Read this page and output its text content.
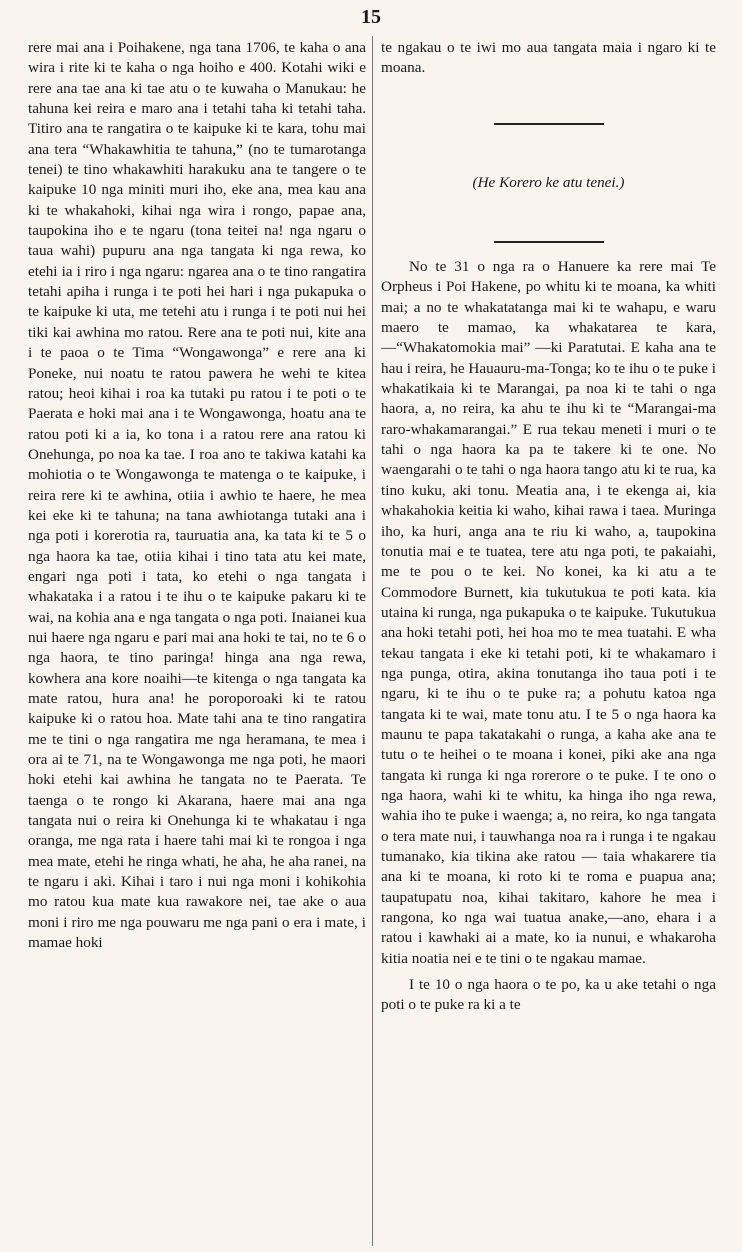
15

rere mai ana i Poihakene, nga tana 1706, te kaha o ana wira i rite ki te kaha o nga hoiho e 400. Kotahi wiki e rere ana tae ana ki tae atu o te kuwaha o Manukau: he tahuna kei reira e maro ana i tetahi taha ki tetahi taha. Titiro ana te rangatira o te kaipuke ki te kara, tohu mai ana tera “Whakawhitia te tahuna,” (no te tumarotanga tenei) te tino whakawhiti harakuku ana te tangere o te kaipuke 10 nga miniti muri iho, eke ana, mea kau ana ki te whakahoki, kihai nga wira i rongo, papae ana, taupokina iho e te ngaru (tona teitei na! nga ngaru o taua wahi) pupuru ana nga tangata ki nga rewa, ko etehi ia i riro i nga ngaru: ngarea ana o te tino rangatira tetahi apiha i runga i te poti hei hari i nga pukapuka o te kaipuke ki uta, me tetehi atu i runga i te poti nui hei tiki kai awhina mo ratou. Rere ana te poti nui, kite ana i te paoa o te Tima “Wongawonga” e rere ana ki Poneke, nui noatu te ratou pawera he wehi te kitea ratou; heoi kihai i roa ka tutaki pu ratou i te poti o te Paerata e hoki mai ana i te Wongawonga, hoatu ana te ratou poti ki a ia, ko tona i a ratou rere ana ratou ki Onehunga, po noa ka tae. I roa ano te takiwa katahi ka mohiotia o te Wongawonga te matenga o te kaipuke, i reira rere ki te awhina, otiia i awhio te haere, he mea kei eke ki te tahuna; na tana awhiotanga tutaki ana i nga poti i korerotia ra, tauruatia ana, ka tata ki te 5 o nga haora ka tae, otiia kihai i tino tata atu kei mate, engari nga poti i tata, ko etehi o nga tangata i whakataka i a ratou i te ihu o te kaipuke pakaru ki te wai, na kohia ana e nga tangata o nga poti. Inaianei kua nui haere nga ngaru e pari mai ana hoki te tai, no te 6 o nga haora, te tino paringa! hinga ana nga rewa, kowhera ana kore noaihi—te kitenga o nga tangata ka mate ratou, hura ana! he poroporoaki ki te ratou kaipuke ki o ratou hoa. Mate tahi ana te tino rangatira me te tini o nga rangatira me nga heramana, te mea i ora ai te 71, na te Wongawonga me nga poti, he maori hoki etehi kai awhina he tangata no te Paerata. Te taenga o te rongo ki Akarana, haere mai ana nga tangata nui o reira ki Onehunga ki te whakatau i nga oranga, me nga rata i haere tahi mai ki te rongoa i nga mea mate, etehi he ringa whati, he aha, he aha ranei, na te ngaru i aki. Kihai i taro i nui nga moni i kohikohia mo ratou kua mate kua rawakore nei, tae ake o aua moni i riro me nga pouwaru me nga pani o era i mate, i mamae hoki

te ngakau o te iwi mo aua tangata maia i ngaro ki te moana.

(He Korero ke atu tenei.)

No te 31 o nga ra o Hanuere ka rere mai Te Orpheus i Poi Hakene, po whitu ki te moana, ka whiti mai; a no te whakatatanga mai ki te wahapu, e waru maero te mamao, ka whakatarea te kara,—“Whakatomokia mai” —ki Paratutai. E kaha ana te hau i reira, he Hauauru-ma-Tonga; ko te ihu o te puke i whakatikaia ki te Marangai, pa noa ki te tahi o nga haora, a, no reira, ka ahu te ihu ki te “Marangai-ma raro-whakamarangai.” E rua tekau meneti i muri o te tahi o nga haora ka pa te takere ki te one. No waengarahi o te tahi o nga haora tango atu ki te rua, ka tino kuku, aki tonu. Meatia ana, i te ekenga ai, kia whakahokia keitia ki waho, kihai rawa i taea. Muringa iho, ka huri, anga ana te riu ki waho, a, taupokina tonutia mai e te tuatea, tere atu nga poti, te pakaiahi, me te pou o te kei. No konei, ka ki atu a te Commodore Burnett, kia tukutukua te poti kata. kia utaina ki runga, nga pukapuka o te kaipuke. Tukutukua ana hoki tetahi poti, hei hoa mo te mea tuatahi. E wha tekau tangata i eke ki tetahi poti, ki te whakamaro i nga punga, otira, akina tonutanga iho taua poti i te ngaru, ki te ihu o te puke ra; a pohutu katoa nga tangata ki te wai, mate tonu atu. I te 5 o nga haora ka maunu te papa takatakahi o runga, a kaha ake ana te tutu o te heihei o te moana i konei, piki ake ana nga tangata ki runga ki nga rorerore o te puke. I te ono o nga haora, wahi ki te whitu, ka hinga iho nga rewa, wahia iho te puke i waenga; a, no reira, ko nga tangata o tera mate nui, i tauwhanga noa ra i runga i te ngakau tumanako, kia tikina ake ratou — taia whakarere tia ana ki te moana, ki roto ki te roma e puapua ana; taupatupatu noa, kihai takitaro, kahore he mea i rangona, ko nga wai tuatua anake,—ano, ehara i a ratou i kawhaki ai a mate, ko ia nunui, e whakaroha kitia noatia nei e te tini o te ngakau mamae.

I te 10 o nga haora o te po, ka u ake tetahi o nga poti o te puke ra ki a te
